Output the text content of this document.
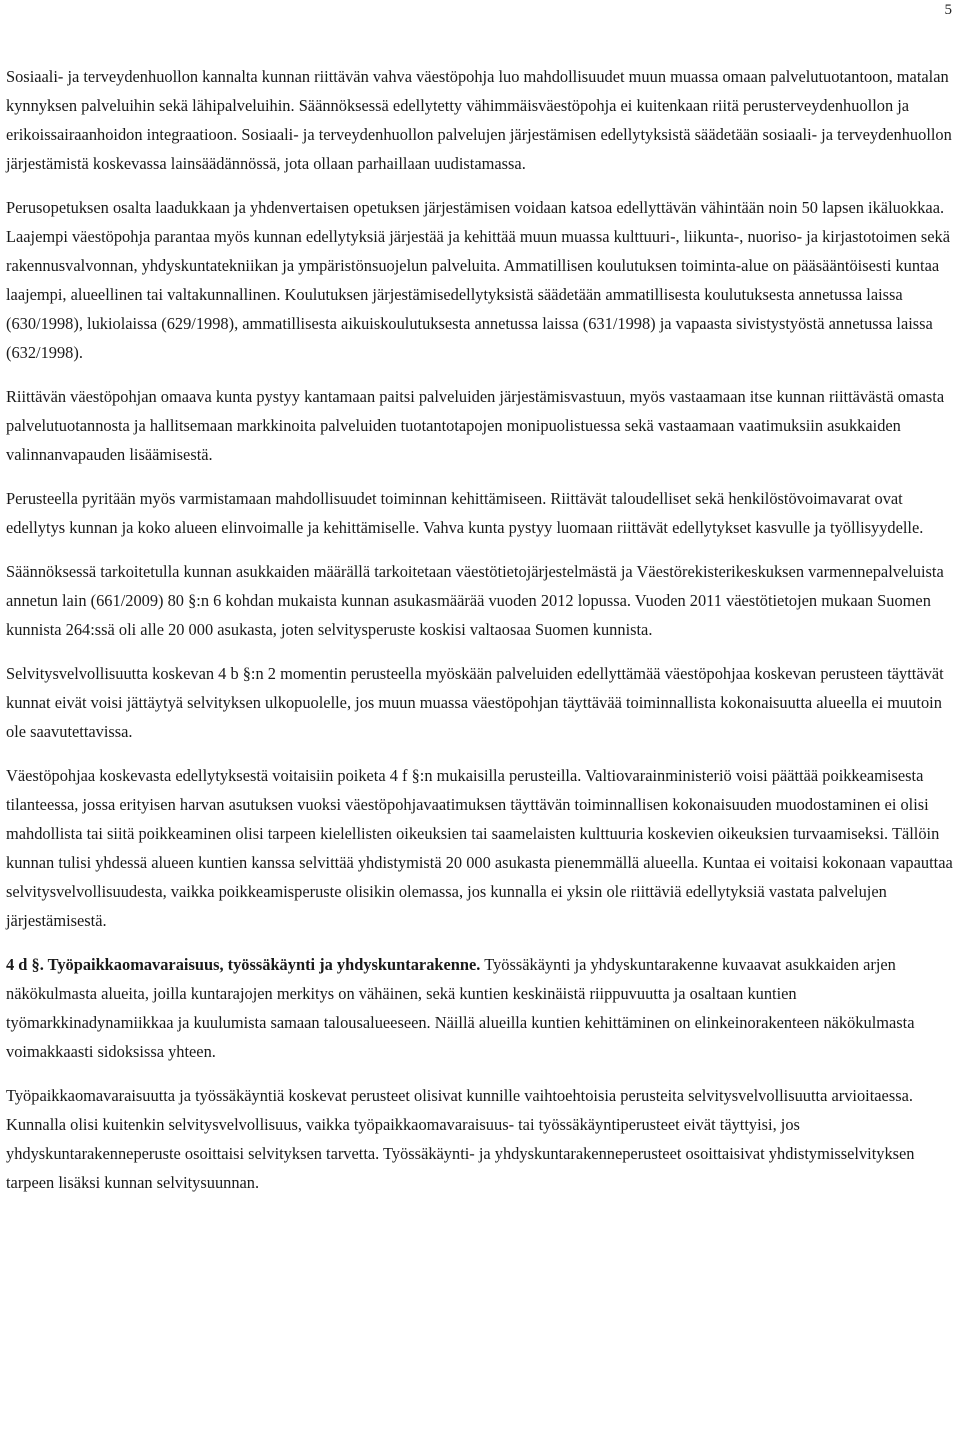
5

Sosiaali- ja terveydenhuollon kannalta kunnan riittävän vahva väestöpohja luo mahdollisuudet muun muassa omaan palvelutuotantoon, matalan kynnyksen palveluihin sekä lähipalveluihin. Säännöksessä edellytetty vähimmäisväestöpohja ei kuitenkaan riitä perusterveydenhuollon ja erikoissairaanhoidon integraatioon. Sosiaali- ja terveydenhuollon palvelujen järjestämisen edellytyksistä säädetään sosiaali- ja terveydenhuollon järjestämistä koskevassa lainsäädännössä, jota ollaan parhaillaan uudistamassa.

Perusopetuksen osalta laadukkaan ja yhdenvertaisen opetuksen järjestämisen voidaan katsoa edellyttävän vähintään noin 50 lapsen ikäluokkaa. Laajempi väestöpohja parantaa myös kunnan edellytyksiä järjestää ja kehittää muun muassa kulttuuri-, liikunta-, nuoriso- ja kirjastotoimen sekä rakennusvalvonnan, yhdyskuntatekniikan ja ympäristönsuojelun palveluita. Ammatillisen koulutuksen toiminta-alue on pääsääntöisesti kuntaa laajempi, alueellinen tai valtakunnallinen. Koulutuksen järjestämisedellytyksistä säädetään ammatillisesta koulutuksesta annetussa laissa (630/1998), lukiolaissa (629/1998), ammatillisesta aikuiskoulutuksesta annetussa laissa (631/1998) ja vapaasta sivistystyöstä annetussa laissa (632/1998).

Riittävän väestöpohjan omaava kunta pystyy kantamaan paitsi palveluiden järjestämisvastuun, myös vastaamaan itse kunnan riittävästä omasta palvelutuotannosta ja hallitsemaan markkinoita palveluiden tuotantotapojen monipuolistuessa sekä vastaamaan vaatimuksiin asukkaiden valinnanvapauden lisäämisestä.

Perusteella pyritään myös varmistamaan mahdollisuudet toiminnan kehittämiseen. Riittävät taloudelliset sekä henkilöstövoimavarat ovat edellytys kunnan ja koko alueen elinvoimalle ja kehittämiselle. Vahva kunta pystyy luomaan riittävät edellytykset kasvulle ja työllisyydelle.

Säännöksessä tarkoitetulla kunnan asukkaiden määrällä tarkoitetaan väestötietojärjestelmästä ja Väestörekisterikeskuksen varmennepalveluista annetun lain (661/2009) 80 §:n 6 kohdan mukaista kunnan asukasmäärää vuoden 2012 lopussa. Vuoden 2011 väestötietojen mukaan Suomen kunnista 264:ssä oli alle 20 000 asukasta, joten selvitysperuste koskisi valtaosaa Suomen kunnista.

Selvitysvelvollisuutta koskevan 4 b §:n 2 momentin perusteella myöskään palveluiden edellyttämää väestöpohjaa koskevan perusteen täyttävät kunnat eivät voisi jättäytyä selvityksen ulkopuolelle, jos muun muassa väestöpohjan täyttävää toiminnallista kokonaisuutta alueella ei muutoin ole saavutettavissa.

Väestöpohjaa koskevasta edellytyksestä voitaisiin poiketa 4 f §:n mukaisilla perusteilla. Valtiovarainministeriö voisi päättää poikkeamisesta tilanteessa, jossa erityisen harvan asutuksen vuoksi väestöpohjavaatimuksen täyttävän toiminnallisen kokonaisuuden muodostaminen ei olisi mahdollista tai siitä poikkeaminen olisi tarpeen kielellisten oikeuksien tai saamelaisten kulttuuria koskevien oikeuksien turvaamiseksi. Tällöin kunnan tulisi yhdessä alueen kuntien kanssa selvittää yhdistymistä 20 000 asukasta pienemmällä alueella. Kuntaa ei voitaisi kokonaan vapauttaa selvitysvelvollisuudesta, vaikka poikkeamisperuste olisikin olemassa, jos kunnalla ei yksin ole riittäviä edellytyksiä vastata palvelujen järjestämisestä.

4 d §. Työpaikkaomavaraisuus, työssäkäynti ja yhdyskuntarakenne. Työssäkäynti ja yhdyskuntarakenne kuvaavat asukkaiden arjen näkökulmasta alueita, joilla kuntarajojen merkitys on vähäinen, sekä kuntien keskinäistä riippuvuutta ja osaltaan kuntien työmarkkinadynamiikkaa ja kuulumista samaan talousalueeseen. Näillä alueilla kuntien kehittäminen on elinkeinorakenteen näkökulmasta voimakkaasti sidoksissa yhteen.

Työpaikkaomavaraisuutta ja työssäkäyntiä koskevat perusteet olisivat kunnille vaihtoehtoisia perusteita selvitysvelvollisuutta arvioitaessa. Kunnalla olisi kuitenkin selvitysvelvollisuus, vaikka työpaikkaomavaraisuus- tai työssäkäyntiperusteet eivät täyttyisi, jos yhdyskuntarakenneperuste osoittaisi selvityksen tarvetta. Työssäkäynti- ja yhdyskuntarakenneperusteet osoittaisivat yhdistymisselvityksen tarpeen lisäksi kunnan selvitysuunnan.
